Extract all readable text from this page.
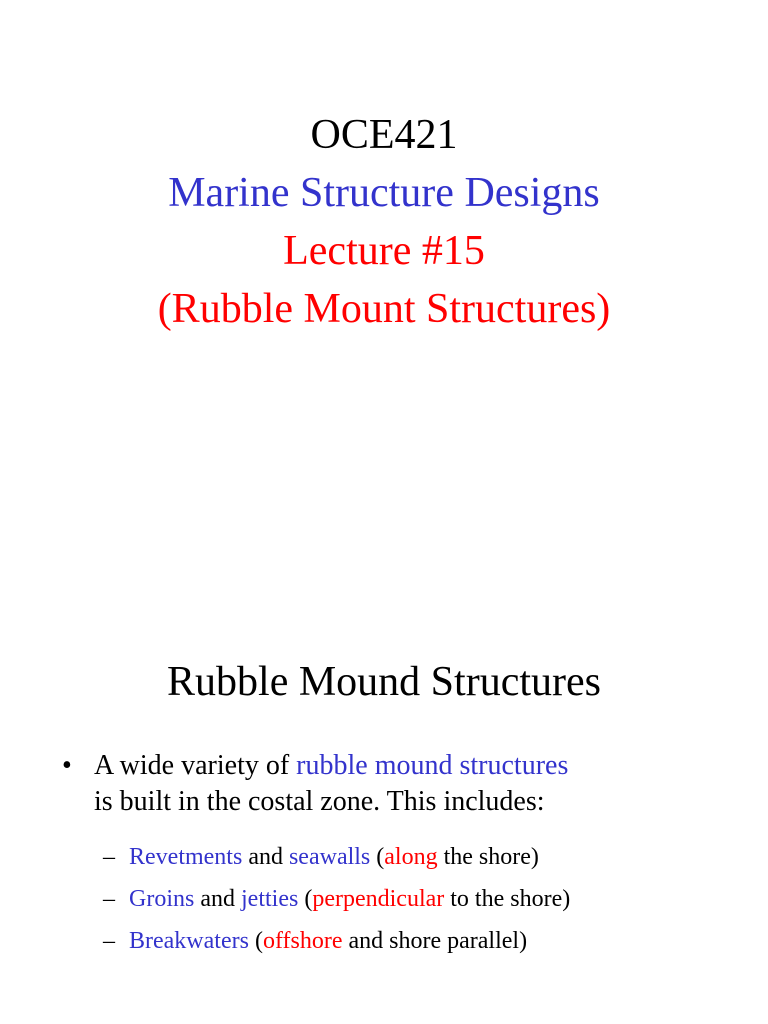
OCE421
Marine Structure Designs
Lecture #15
(Rubble Mount Structures)
Rubble Mound Structures
• A wide variety of rubble mound structures
is built in the costal zone. This includes:
– Revetments and seawalls (along the shore)
– Groins and jetties (perpendicular to the shore)
– Breakwaters (offshore and shore parallel)
